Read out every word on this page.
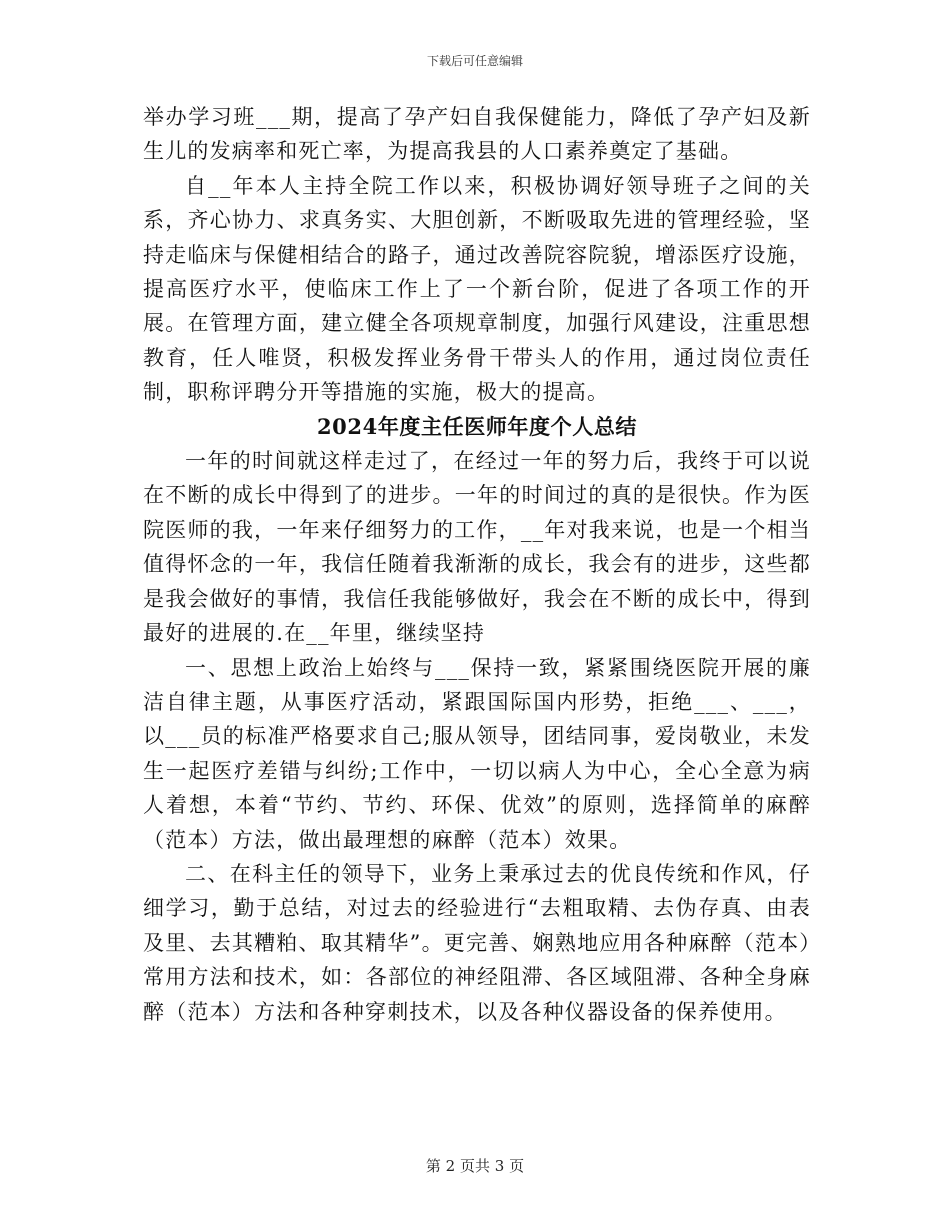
下载后可任意编辑

举办学习班___期，提高了孕产妇自我保健能力，降低了孕产妇及新生儿的发病率和死亡率，为提高我县的人口素养奠定了基础。

自__年本人主持全院工作以来，积极协调好领导班子之间的关系，齐心协力、求真务实、大胆创新，不断吸取先进的管理经验，坚持走临床与保健相结合的路子，通过改善院容院貌，增添医疗设施，提高医疗水平，使临床工作上了一个新台阶，促进了各项工作的开展。在管理方面，建立健全各项规章制度，加强行风建设，注重思想教育，任人唯贤，积极发挥业务骨干带头人的作用，通过岗位责任制，职称评聘分开等措施的实施，极大的提高。

2024年度主任医师年度个人总结

一年的时间就这样走过了，在经过一年的努力后，我终于可以说在不断的成长中得到了的进步。一年的时间过的真的是很快。作为医院医师的我，一年来仔细努力的工作，__年对我来说，也是一个相当值得怀念的一年，我信任随着我渐渐的成长，我会有的进步，这些都是我会做好的事情，我信任我能够做好，我会在不断的成长中，得到最好的进展的.在__年里，继续坚持

一、思想上政治上始终与___保持一致，紧紧围绕医院开展的廉洁自律主题，从事医疗活动，紧跟国际国内形势，拒绝___、___，以___员的标准严格要求自己;服从领导，团结同事，爱岗敬业，未发生一起医疗差错与纠纷;工作中，一切以病人为中心，全心全意为病人着想，本着“节约、节约、环保、优效”的原则，选择简单的麻醉（范本）方法，做出最理想的麻醉（范本）效果。

二、在科主任的领导下，业务上秉承过去的优良传统和作风，仔细学习，勤于总结，对过去的经验进行“去粗取精、去伪存真、由表及里、去其糟粕、取其精华”。更完善、娴熟地应用各种麻醉（范本）常用方法和技术，如：各部位的神经阻滞、各区域阻滞、各种全身麻醉（范本）方法和各种穿刺技术，以及各种仪器设备的保养使用。

第 2 页共 3 页
